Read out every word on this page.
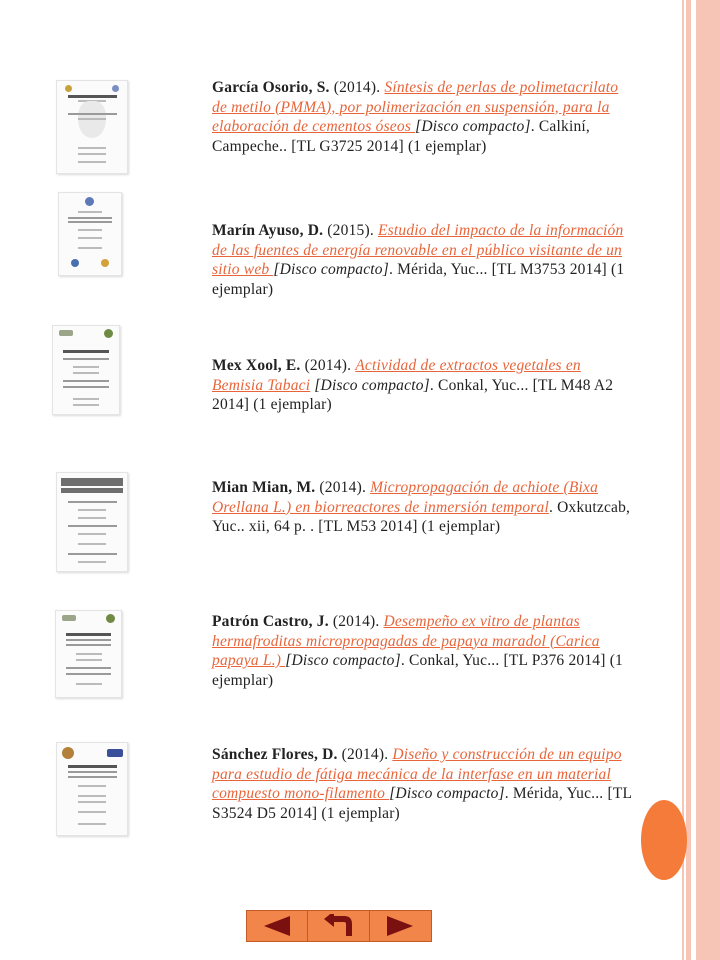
García Osorio, S. (2014). Síntesis de perlas de polimetacrilato de metilo (PMMA), por polimerización en suspensión, para la elaboración de cementos óseos [Disco compacto]. Calkiní, Campeche.. [TL G3725 2014] (1 ejemplar)
Marín Ayuso, D. (2015). Estudio del impacto de la información de las fuentes de energía renovable en el público visitante de un sitio web [Disco compacto]. Mérida, Yuc... [TL M3753 2014] (1 ejemplar)
Mex Xool, E. (2014). Actividad de extractos vegetales en Bemisia Tabaci [Disco compacto]. Conkal, Yuc... [TL M48 A2 2014] (1 ejemplar)
Mian Mian, M. (2014). Micropropagación de achiote (Bixa Orellana L.) en biorreactores de inmersión temporal. Oxkutzcab, Yuc.. xii, 64 p. . [TL M53 2014] (1 ejemplar)
Patrón Castro, J. (2014). Desempeño ex vitro de plantas hermafroditas micropropagadas de papaya maradol (Carica papaya L.) [Disco compacto]. Conkal, Yuc... [TL P376 2014] (1 ejemplar)
Sánchez Flores, D. (2014). Diseño y construcción de un equipo para estudio de fátiga mecánica de la interfase en un material compuesto mono-filamento [Disco compacto]. Mérida, Yuc... [TL S3524 D5 2014] (1 ejemplar)
